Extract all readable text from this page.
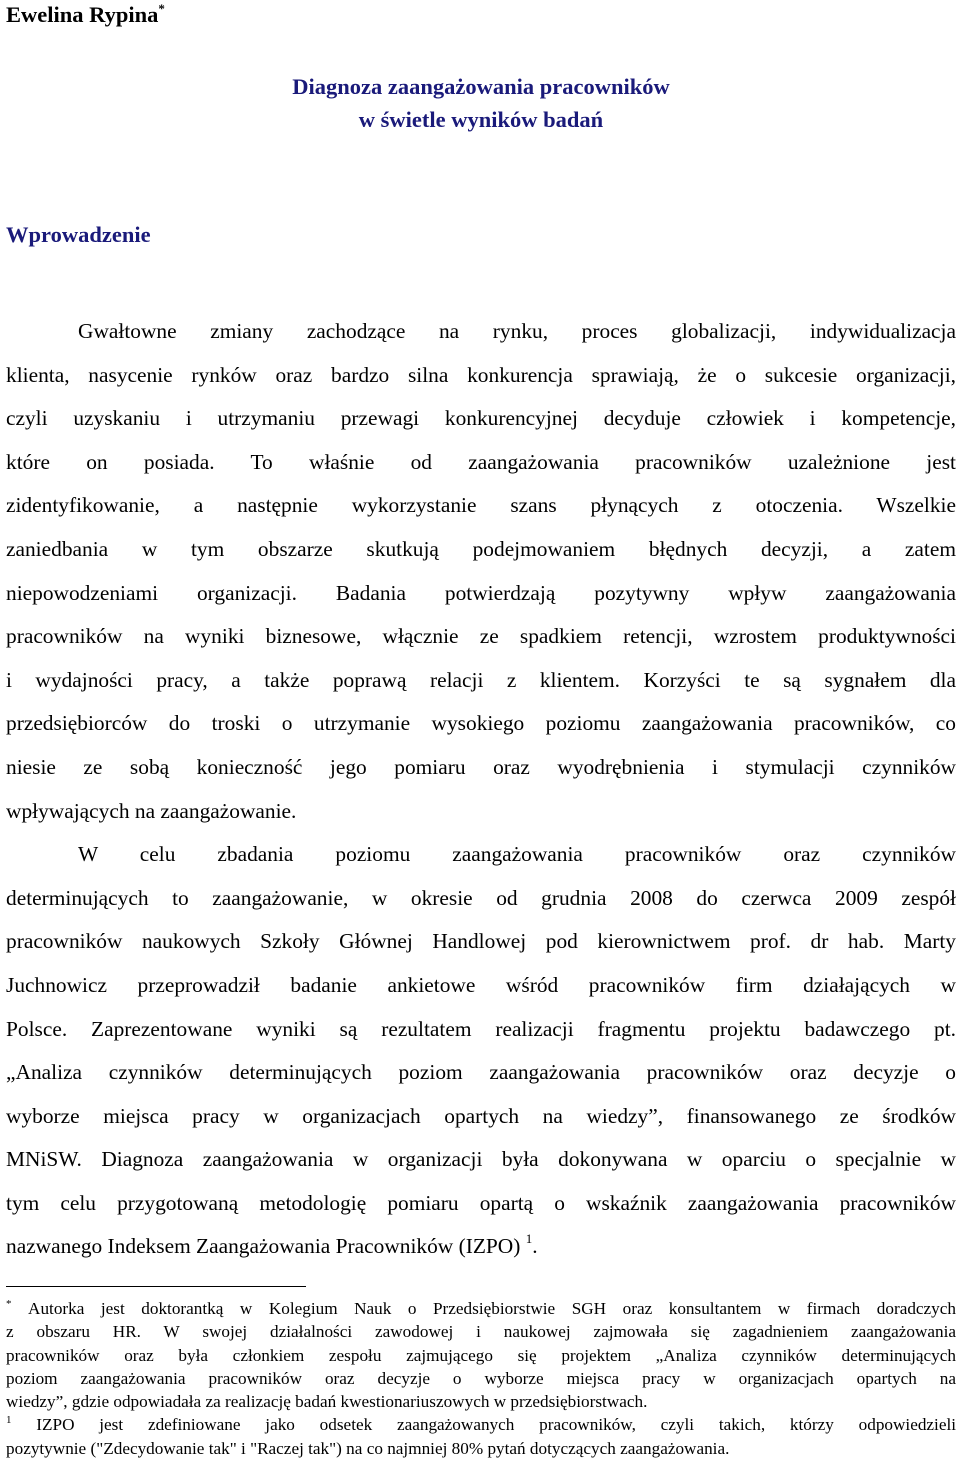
Ewelina Rypina*
Diagnoza zaangażowania pracowników
w świetle wyników badań
Wprowadzenie
Gwałtowne zmiany zachodzące na rynku, proces globalizacji, indywidualizacja
klienta, nasycenie rynków oraz bardzo silna konkurencja sprawiają, że o sukcesie organizacji,
czyli uzyskaniu i utrzymaniu przewagi konkurencyjnej decyduje człowiek i kompetencje,
które on posiada. To właśnie od zaangażowania pracowników uzależnione jest
zidentyfikowanie, a następnie wykorzystanie szans płynących z otoczenia. Wszelkie
zaniedbania w tym obszarze skutkują podejmowaniem błędnych decyzji, a zatem
niepowodzeniami organizacji. Badania potwierdzają pozytywny wpływ zaangażowania
pracowników na wyniki biznesowe, włącznie ze spadkiem retencji, wzrostem produktywności
i wydajności pracy, a także poprawą relacji z klientem. Korzyści te są sygnałem dla
przedsiębiorców do troski o utrzymanie wysokiego poziomu zaangażowania pracowników, co
niesie ze sobą konieczność jego pomiaru oraz wyodrębnienia i stymulacji czynników
wpływających na zaangażowanie.
W celu zbadania poziomu zaangażowania pracowników oraz czynników
determinujących to zaangażowanie, w okresie od grudnia 2008 do czerwca 2009 zespół
pracowników naukowych Szkoły Głównej Handlowej pod kierownictwem prof. dr hab. Marty
Juchnowicz przeprowadził badanie ankietowe wśród pracowników firm działających w
Polsce. Zaprezentowane wyniki są rezultatem realizacji fragmentu projektu badawczego pt.
„Analiza czynników determinujących poziom zaangażowania pracowników oraz decyzje o
wyborze miejsca pracy w organizacjach opartych na wiedzy”, finansowanego ze środków
MNiSW. Diagnoza zaangażowania w organizacji była dokonywana w oparciu o specjalnie w
tym celu przygotowaną metodologię pomiaru opartą o wskaźnik zaangażowania pracowników
nazwanego Indeksem Zaangażowania Pracowników (IZPO) $^1$.
* Autorka jest doktorantką w Kolegium Nauk o Przedsiębiorstwie SGH oraz konsultantem w firmach doradczych
z obszaru HR. W swojej działalności zawodowej i naukowej zajmowała się zagadnieniem zaangażowania
pracowników oraz była członkiem zespołu zajmującego się projektem „Analiza czynników determinujących
poziom zaangażowania pracowników oraz decyzje o wyborze miejsca pracy w organizacjach opartych na
wiedzy”, gdzie odpowiadała za realizację badań kwestionariuszowych w przedsiębiorstwach.
$^1$ IZPO jest zdefiniowane jako odsetek zaangażowanych pracowników, czyli takich, którzy odpowiedzieli
pozytywnie ("Zdecydowanie tak" i "Raczej tak") na co najmniej 80% pytań dotyczących zaangażowania.
